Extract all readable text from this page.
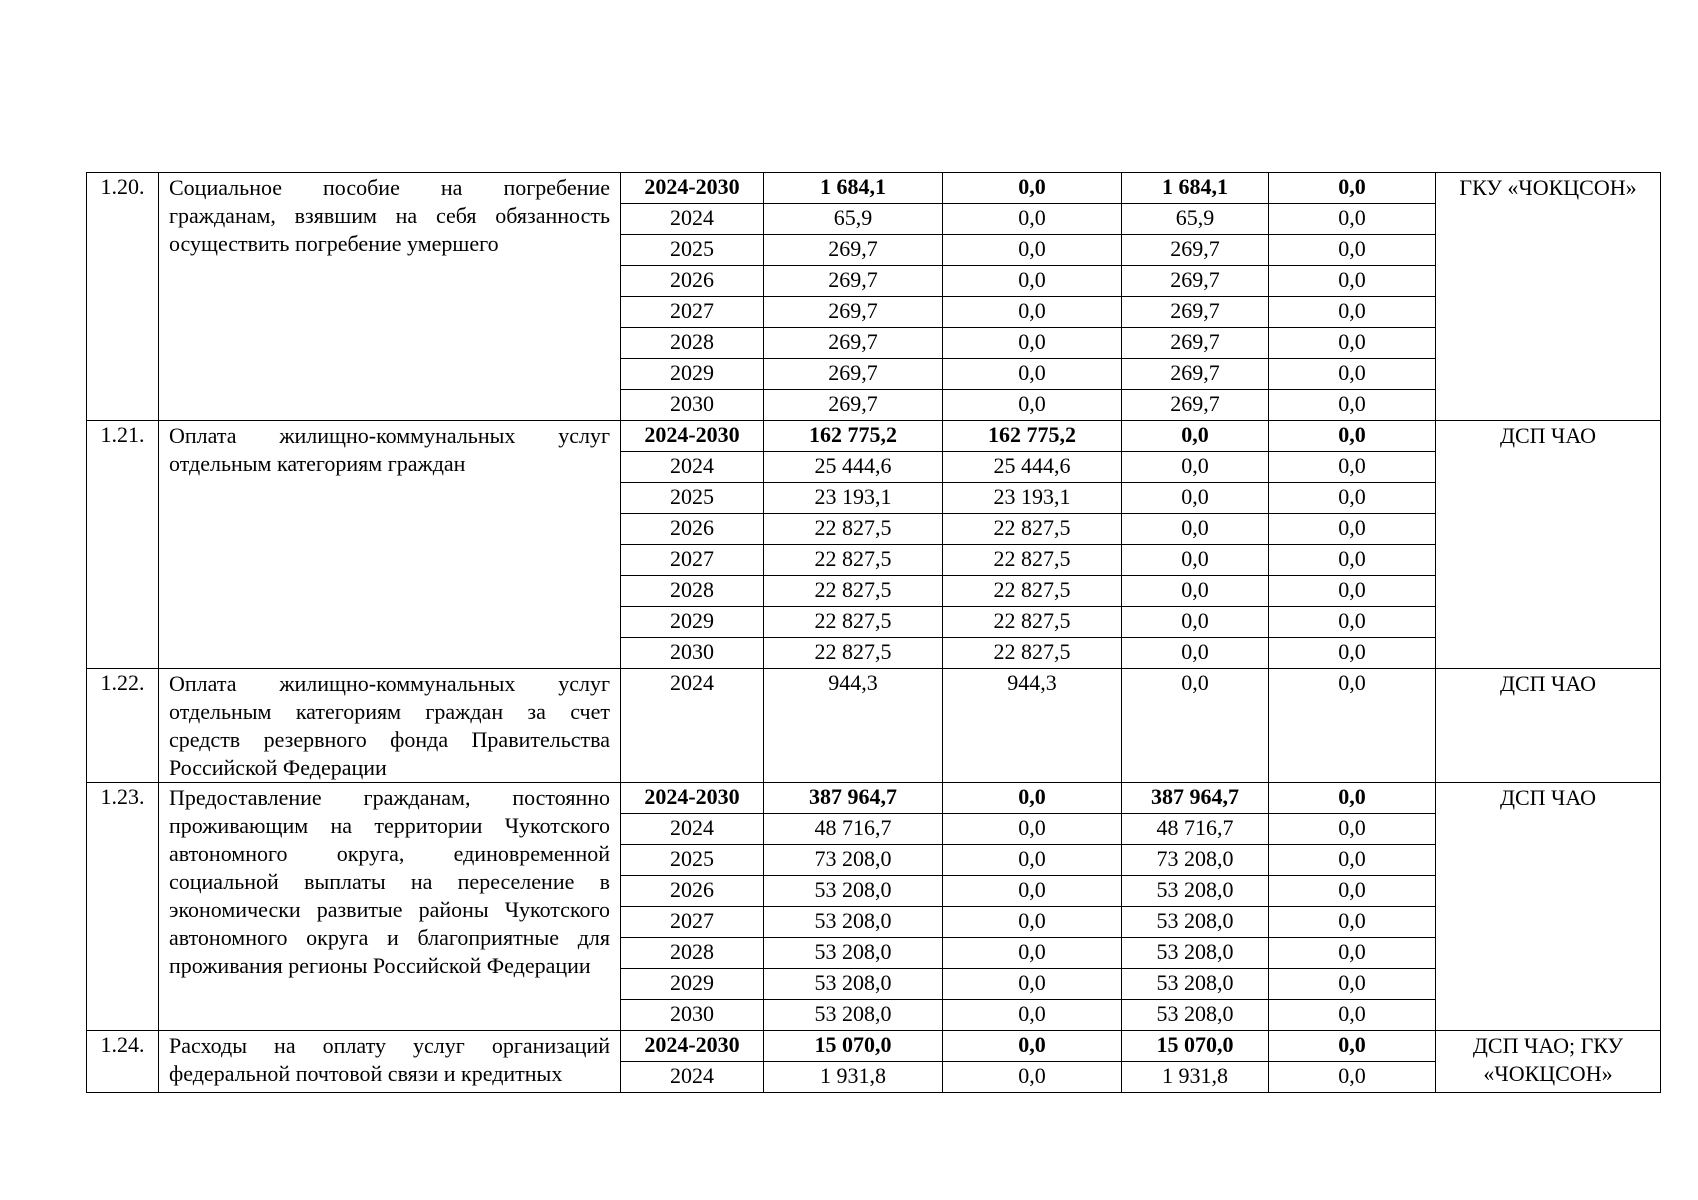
1.20.	Социальное пособие на погребение гражданам, взявшим на себя обязанность осуществить погребение умершего	2024-2030	1 684,1	0,0	1 684,1	0,0	ГКУ «ЧОКЦСОН»
		2024	65,9	0,0	65,9	0,0	
		2025	269,7	0,0	269,7	0,0	
		2026	269,7	0,0	269,7	0,0	
		2027	269,7	0,0	269,7	0,0	
		2028	269,7	0,0	269,7	0,0	
		2029	269,7	0,0	269,7	0,0	
		2030	269,7	0,0	269,7	0,0	
1.21.	Оплата жилищно-коммунальных услуг отдельным категориям граждан	2024-2030	162 775,2	162 775,2	0,0	0,0	ДСП ЧАО
		2024	25 444,6	25 444,6	0,0	0,0	
		2025	23 193,1	23 193,1	0,0	0,0	
		2026	22 827,5	22 827,5	0,0	0,0	
		2027	22 827,5	22 827,5	0,0	0,0	
		2028	22 827,5	22 827,5	0,0	0,0	
		2029	22 827,5	22 827,5	0,0	0,0	
		2030	22 827,5	22 827,5	0,0	0,0	
1.22.	Оплата жилищно-коммунальных услуг отдельным категориям граждан за счет средств резервного фонда Правительства Российской Федерации	2024	944,3	944,3	0,0	0,0	ДСП ЧАО
1.23.	Предоставление гражданам, постоянно проживающим на территории Чукотского автономного округа, единовременной социальной выплаты на переселение в экономически развитые районы Чукотского автономного округа и благоприятные для проживания регионы Российской Федерации	2024-2030	387 964,7	0,0	387 964,7	0,0	ДСП ЧАО
		2024	48 716,7	0,0	48 716,7	0,0	
		2025	73 208,0	0,0	73 208,0	0,0	
		2026	53 208,0	0,0	53 208,0	0,0	
		2027	53 208,0	0,0	53 208,0	0,0	
		2028	53 208,0	0,0	53 208,0	0,0	
		2029	53 208,0	0,0	53 208,0	0,0	
		2030	53 208,0	0,0	53 208,0	0,0	
1.24.	Расходы на оплату услуг организаций федеральной почтовой связи и кредитных	2024-2030	15 070,0	0,0	15 070,0	0,0	ДСП ЧАО; ГКУ «ЧОКЦСОН»
		2024	1 931,8	0,0	1 931,8	0,0	
